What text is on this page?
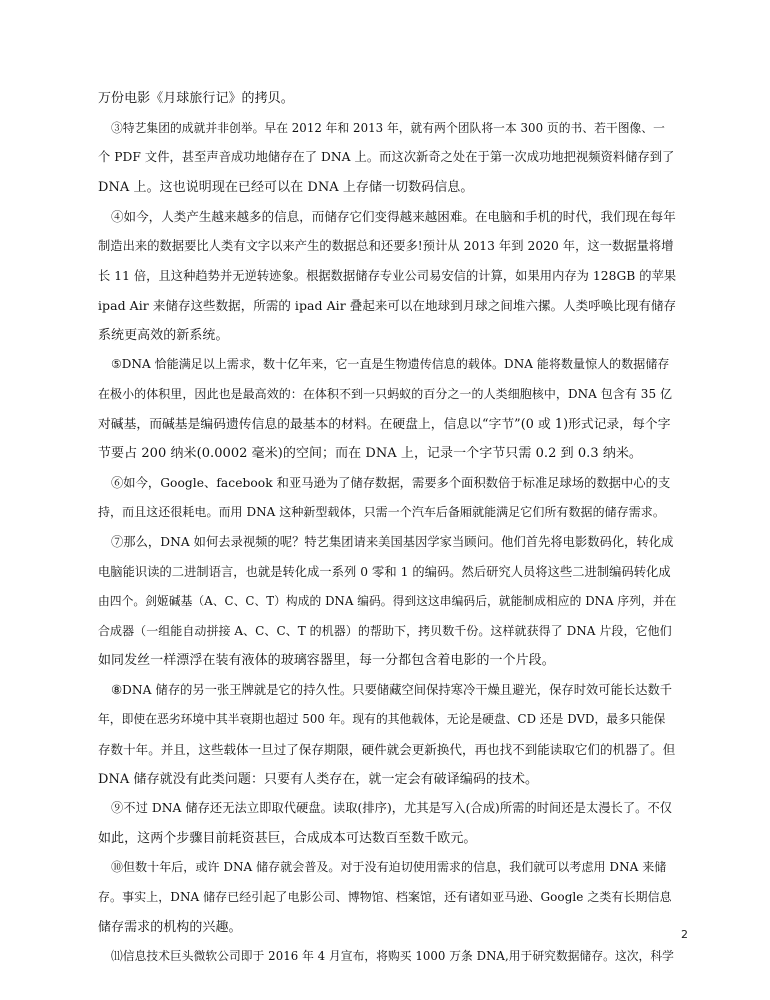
万份电影《月球旅行记》的拷贝。
③特艺集团的成就并非创举。早在 2012 年和 2013 年，就有两个团队将一本 300 页的书、若干图像、一
个 PDF 文件，甚至声音成功地储存在了 DNA 上。而这次新奇之处在于第一次成功地把视频资料储存到了
DNA 上。这也说明现在已经可以在 DNA 上存储一切数码信息。
④如今，人类产生越来越多的信息，而储存它们变得越来越困难。在电脑和手机的时代，我们现在每年
制造出来的数据要比人类有文字以来产生的数据总和还要多!预计从 2013 年到 2020 年，这一数据量将增
长 11 倍，且这种趋势并无逆转迹象。根据数据储存专业公司易安信的计算，如果用内存为 128GB 的苹果
ipad Air 来储存这些数据，所需的 ipad Air 叠起来可以在地球到月球之间堆六摞。人类呼唤比现有储存
系统更高效的新系统。
⑤DNA 恰能满足以上需求，数十亿年来，它一直是生物遗传信息的载体。DNA 能将数量惊人的数据储存
在极小的体积里，因此也是最高效的：在体积不到一只蚂蚁的百分之一的人类细胞核中，DNA 包含有 35 亿
对碱基，而碱基是编码遗传信息的最基本的材料。在硬盘上，信息以“字节”(0 或 1)形式记录，每个字
节要占 200 纳米(0.0002 毫米)的空间；而在 DNA 上，记录一个字节只需 0.2 到 0.3 纳米。
⑥如今，Google、facebook 和亚马逊为了储存数据，需要多个面积数倍于标准足球场的数据中心的支
持，而且这还很耗电。而用 DNA 这种新型载体，只需一个汽车后备厢就能满足它们所有数据的储存需求。
⑦那么，DNA 如何去录视频的呢？特艺集团请来美国基因学家当顾问。他们首先将电影数码化，转化成
电脑能识读的二进制语言，也就是转化成一系列 0 零和 1 的编码。然后研究人员将这些二进制编码转化成
由四个。剑姬碱基（A、C、C、T）构成的 DNA 编码。得到这这串编码后，就能制成相应的 DNA 序列，并在
合成器（一组能自动拼接 A、C、C、T 的机器）的帮助下，拷贝数千份。这样就获得了 DNA 片段，它他们
如同发丝一样漂浮在装有液体的玻璃容器里，每一分都包含着电影的一个片段。
⑧DNA 储存的另一张王牌就是它的持久性。只要储藏空间保持寒冷干燥且避光，保存时效可能长达数千
年，即使在恶劣环境中其半衰期也超过 500 年。现有的其他载体，无论是硬盘、CD 还是 DVD，最多只能保
存数十年。并且，这些载体一旦过了保存期限，硬件就会更新换代，再也找不到能读取它们的机器了。但
DNA 储存就没有此类问题：只要有人类存在，就一定会有破译编码的技术。
⑨不过 DNA 储存还无法立即取代硬盘。读取(排序)，尤其是写入(合成)所需的时间还是太漫长了。不仅
如此，这两个步骤目前耗资甚巨，合成成本可达数百至数千欧元。
⑩但数十年后，或许 DNA 储存就会普及。对于没有迫切使用需求的信息，我们就可以考虑用 DNA 来储
存。事实上，DNA 储存已经引起了电影公司、博物馆、档案馆，还有诸如亚马逊、Google 之类有长期信息
储存需求的机构的兴趣。
⑾信息技术巨头微软公司即于 2016 年 4 月宣布，将购买 1000 万条 DNA,用于研究数据储存。这次，科学
2
